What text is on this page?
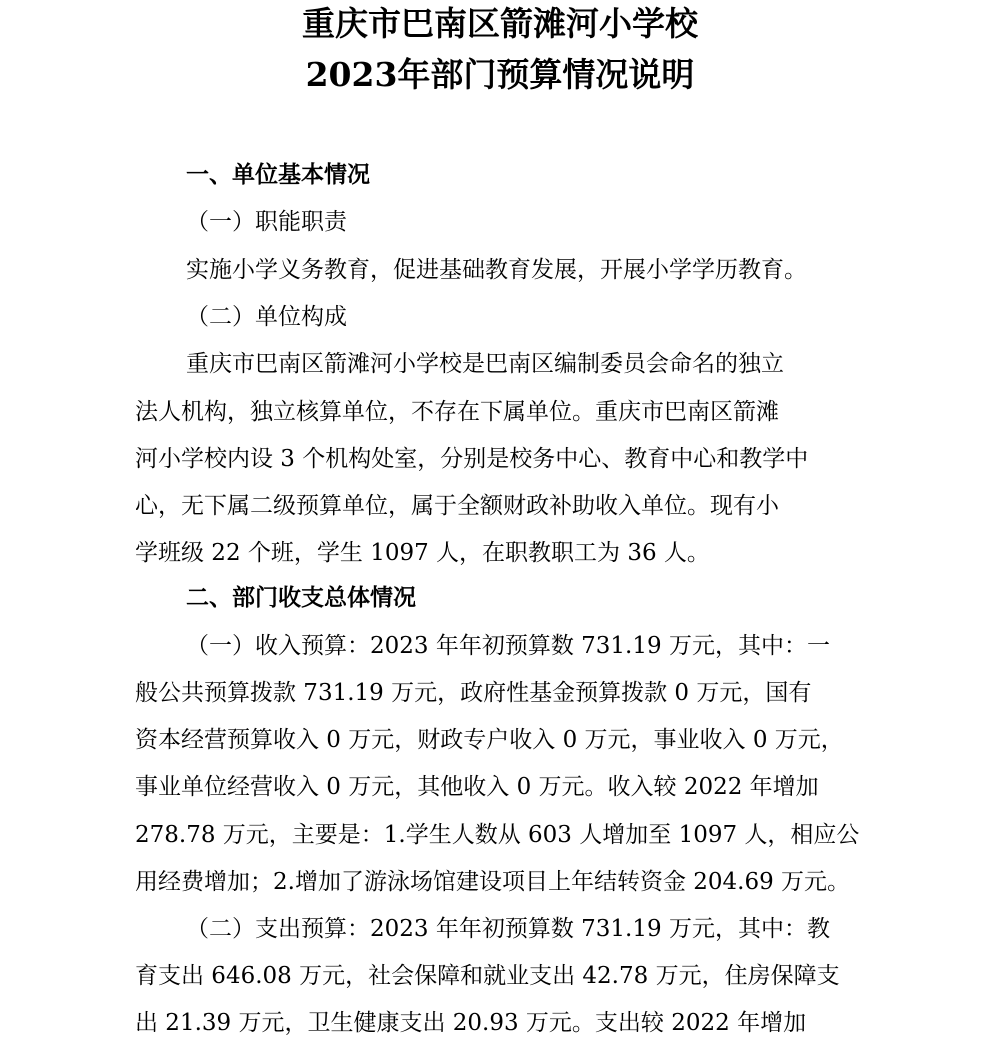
重庆市巴南区箭滩河小学校
2023年部门预算情况说明
一、单位基本情况
（一）职能职责
实施小学义务教育，促进基础教育发展，开展小学学历教育。
（二）单位构成
重庆市巴南区箭滩河小学校是巴南区编制委员会命名的独立
法人机构，独立核算单位，不存在下属单位。重庆市巴南区箭滩
河小学校内设 3 个机构处室，分别是校务中心、教育中心和教学中
心，无下属二级预算单位，属于全额财政补助收入单位。现有小
学班级 22 个班，学生 1097 人，在职教职工为 36 人。
二、部门收支总体情况
（一）收入预算：2023 年年初预算数 731.19 万元，其中：一
般公共预算拨款 731.19 万元，政府性基金预算拨款 0 万元，国有
资本经营预算收入 0 万元，财政专户收入 0 万元，事业收入 0 万元，
事业单位经营收入 0 万元，其他收入 0 万元。收入较 2022 年增加
278.78 万元，主要是：1.学生人数从 603 人增加至 1097 人，相应公
用经费增加；2.增加了游泳场馆建设项目上年结转资金 204.69 万元。
（二）支出预算：2023 年年初预算数 731.19 万元，其中：教
育支出 646.08 万元，社会保障和就业支出 42.78 万元，住房保障支
出 21.39 万元，卫生健康支出 20.93 万元。支出较 2022 年增加
